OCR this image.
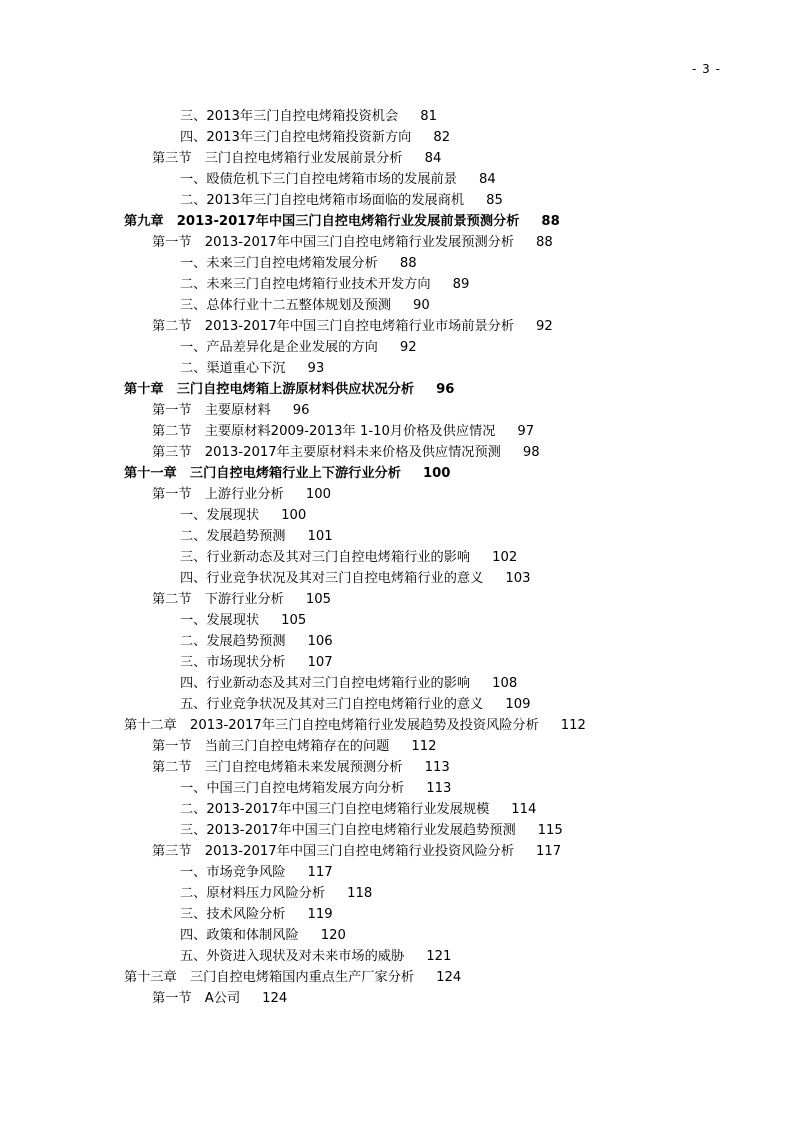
- 3 -
三、2013年三门自控电烤箱投资机会 81
四、2013年三门自控电烤箱投资新方向 82
第三节　三门自控电烤箱行业发展前景分析 84
一、殴债危机下三门自控电烤箱市场的发展前景 84
二、2013年三门自控电烤箱市场面临的发展商机 85
第九章　2013-2017年中国三门自控电烤箱行业发展前景预测分析 88
第一节　2013-2017年中国三门自控电烤箱行业发展预测分析 88
一、未来三门自控电烤箱发展分析 88
二、未来三门自控电烤箱行业技术开发方向 89
三、总体行业十二五整体规划及预测 90
第二节　2013-2017年中国三门自控电烤箱行业市场前景分析 92
一、产品差异化是企业发展的方向 92
二、渠道重心下沉 93
第十章　三门自控电烤箱上游原材料供应状况分析 96
第一节　主要原材料 96
第二节　主要原材料2009-2013年 1-10月价格及供应情况 97
第三节　2013-2017年主要原材料未来价格及供应情况预测 98
第十一章　三门自控电烤箱行业上下游行业分析 100
第一节　上游行业分析 100
一、发展现状 100
二、发展趋势预测 101
三、行业新动态及其对三门自控电烤箱行业的影响 102
四、行业竞争状况及其对三门自控电烤箱行业的意义 103
第二节　下游行业分析 105
一、发展现状 105
二、发展趋势预测 106
三、市场现状分析 107
四、行业新动态及其对三门自控电烤箱行业的影响 108
五、行业竞争状况及其对三门自控电烤箱行业的意义 109
第十二章　2013-2017年三门自控电烤箱行业发展趋势及投资风险分析 112
第一节　当前三门自控电烤箱存在的问题 112
第二节　三门自控电烤箱未来发展预测分析 113
一、中国三门自控电烤箱发展方向分析 113
二、2013-2017年中国三门自控电烤箱行业发展规模 114
三、2013-2017年中国三门自控电烤箱行业发展趋势预测 115
第三节　2013-2017年中国三门自控电烤箱行业投资风险分析 117
一、市场竞争风险 117
二、原材料压力风险分析 118
三、技术风险分析 119
四、政策和体制风险 120
五、外资进入现状及对未来市场的威胁 121
第十三章　三门自控电烤箱国内重点生产厂家分析 124
第一节　A公司 124
